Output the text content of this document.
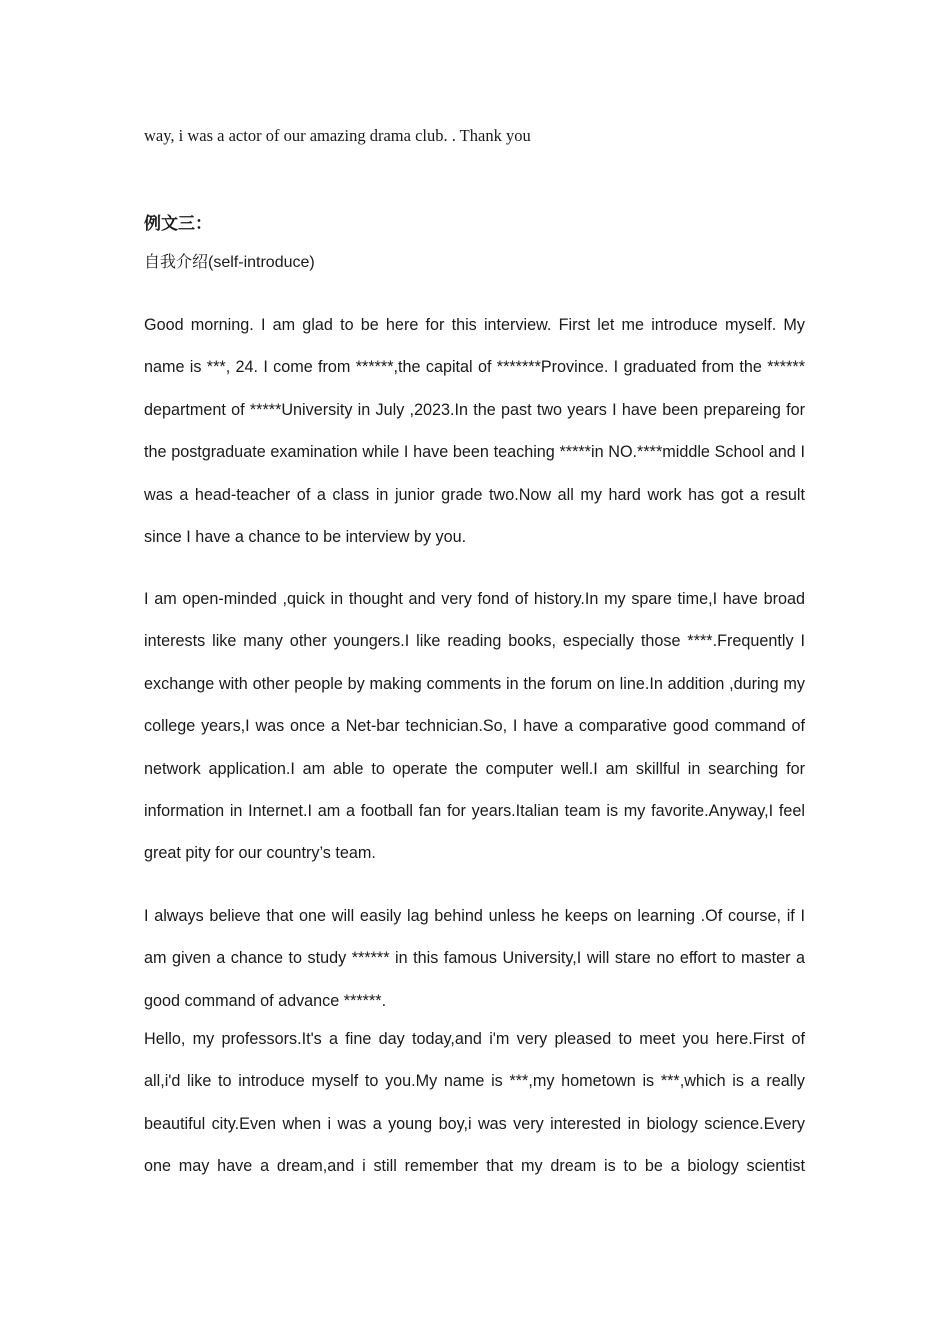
way, i was a actor of our amazing drama club. . Thank you
例文三：
自我介绍(self-introduce)

Good morning. I am glad to be here for this interview. First let me introduce myself. My name is ***, 24. I come from ******,the capital of *******Province. I graduated from the ****** department of *****University in July ,2023.In the past two years I have been prepareing for the postgraduate examination while I have been teaching *****in NO.****middle School and I was a head-teacher of a class in junior grade two.Now all my hard work has got a result since I have a chance to be interview by you.

I am open-minded ,quick in thought and very fond of history.In my spare time,I have broad interests like many other youngers.I like reading books, especially those ****.Frequently I exchange with other people by making comments in the forum on line.In addition ,during my college years,I was once a Net-bar technician.So, I have a comparative good command of network application.I am able to operate the computer well.I am skillful in searching for information in Internet.I am a football fan for years.Italian team is my favorite.Anyway,I feel great pity for our country’s team.

I always believe that one will easily lag behind unless he keeps on learning .Of course, if I am given a chance to study ****** in this famous University,I will stare no effort to master a good command of advance ******.

Hello, my professors.It's a fine day today,and i'm very pleased to meet you here.First of all,i'd like to introduce myself to you.My name is ***,my hometown is ***,which is a really beautiful city.Even when i was a young boy,i was very interested in biology science.Every one may have a dream,and i still remember that my dream is to be a biology scientist
